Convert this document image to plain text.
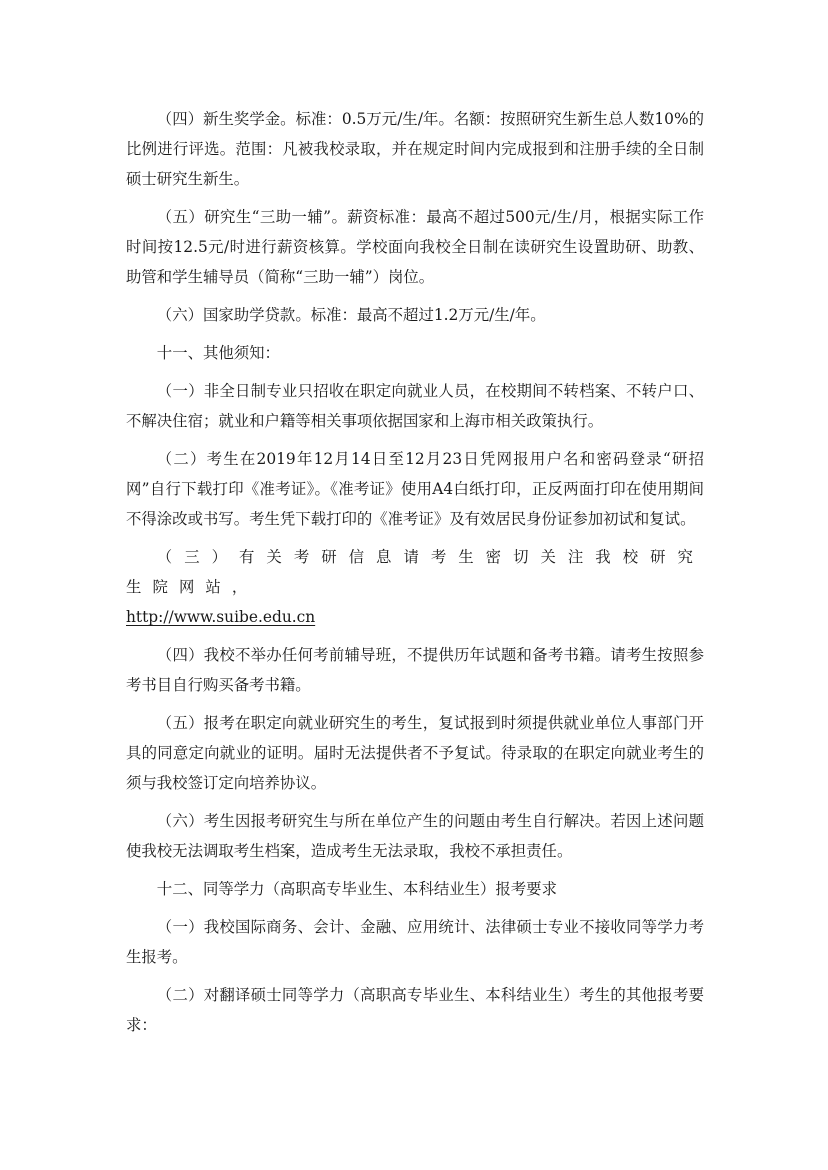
（四）新生奖学金。标准：0.5万元/生/年。名额：按照研究生新生总人数10%的比例进行评选。范围：凡被我校录取，并在规定时间内完成报到和注册手续的全日制硕士研究生新生。

（五）研究生“三助一辅”。薪资标准：最高不超过500元/生/月，根据实际工作时间按12.5元/时进行薪资核算。学校面向我校全日制在读研究生设置助研、助教、助管和学生辅导员（简称“三助一辅”）岗位。

（六）国家助学贷款。标准：最高不超过1.2万元/生/年。

十一、其他须知：

（一）非全日制专业只招收在职定向就业人员，在校期间不转档案、不转户口、不解决住宿；就业和户籍等相关事项依据国家和上海市相关政策执行。

（二）考生在2019年12月14日至12月23日凭网报用户名和密码登录“研招网”自行下载打印《准考证》。《准考证》使用A4白纸打印，正反两面打印在使用期间不得涂改或书写。考生凭下载打印的《准考证》及有效居民身份证参加初试和复试。

（三）有关考研信息请考生密切关注我校研究生院网站，

http://www.suibe.edu.cn

（四）我校不举办任何考前辅导班，不提供历年试题和备考书籍。请考生按照参考书目自行购买备考书籍。

（五）报考在职定向就业研究生的考生，复试报到时须提供就业单位人事部门开具的同意定向就业的证明。届时无法提供者不予复试。待录取的在职定向就业考生的须与我校签订定向培养协议。

（六）考生因报考研究生与所在单位产生的问题由考生自行解决。若因上述问题使我校无法调取考生档案，造成考生无法录取，我校不承担责任。

十二、同等学力（高职高专毕业生、本科结业生）报考要求

（一）我校国际商务、会计、金融、应用统计、法律硕士专业不接收同等学力考生报考。

（二）对翻译硕士同等学力（高职高专毕业生、本科结业生）考生的其他报考要求：
